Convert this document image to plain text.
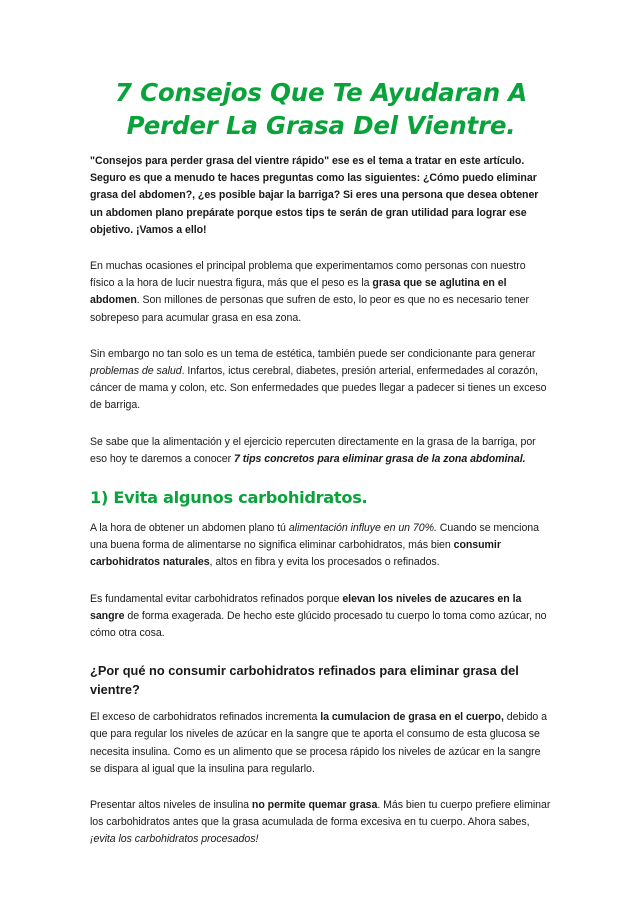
7 Consejos Que Te Ayudaran A Perder La Grasa Del Vientre.

"Consejos para perder grasa del vientre rápido" ese es el tema a tratar en este artículo. Seguro es que a menudo te haces preguntas como las siguientes: ¿Cómo puedo eliminar grasa del abdomen?, ¿es posible bajar la barriga? Si eres una persona que desea obtener un abdomen plano prepárate porque estos tips te serán de gran utilidad para lograr ese objetivo. ¡Vamos a ello!

En muchas ocasiones el principal problema que experimentamos como personas con nuestro físico a la hora de lucir nuestra figura, más que el peso es la grasa que se aglutina en el abdomen. Son millones de personas que sufren de esto, lo peor es que no es necesario tener sobrepeso para acumular grasa en esa zona.

Sin embargo no tan solo es un tema de estética, también puede ser condicionante para generar problemas de salud. Infartos, ictus cerebral, diabetes, presión arterial, enfermedades al corazón, cáncer de mama y colon, etc. Son enfermedades que puedes llegar a padecer si tienes un exceso de barriga.

Se sabe que la alimentación y el ejercicio repercuten directamente en la grasa de la barriga, por eso hoy te daremos a conocer 7 tips concretos para eliminar grasa de la zona abdominal.

1) Evita algunos carbohidratos.

A la hora de obtener un abdomen plano tú alimentación influye en un 70%. Cuando se menciona una buena forma de alimentarse no significa eliminar carbohidratos, más bien consumir carbohidratos naturales, altos en fibra y evita los procesados o refinados.

Es fundamental evitar carbohidratos refinados porque elevan los niveles de azucares en la sangre de forma exagerada. De hecho este glúcido procesado tu cuerpo lo toma como azúcar, no cómo otra cosa.

¿Por qué no consumir carbohidratos refinados para eliminar grasa del vientre?

El exceso de carbohidratos refinados incrementa la cumulacion de grasa en el cuerpo, debido a que para regular los niveles de azúcar en la sangre que te aporta el consumo de esta glucosa se necesita insulina. Como es un alimento que se procesa rápido los niveles de azúcar en la sangre se dispara al igual que la insulina para regularlo.

Presentar altos niveles de insulina no permite quemar grasa. Más bien tu cuerpo prefiere eliminar los carbohidratos antes que la grasa acumulada de forma excesiva en tu cuerpo. Ahora sabes, ¡evita los carbohidratos procesados!
